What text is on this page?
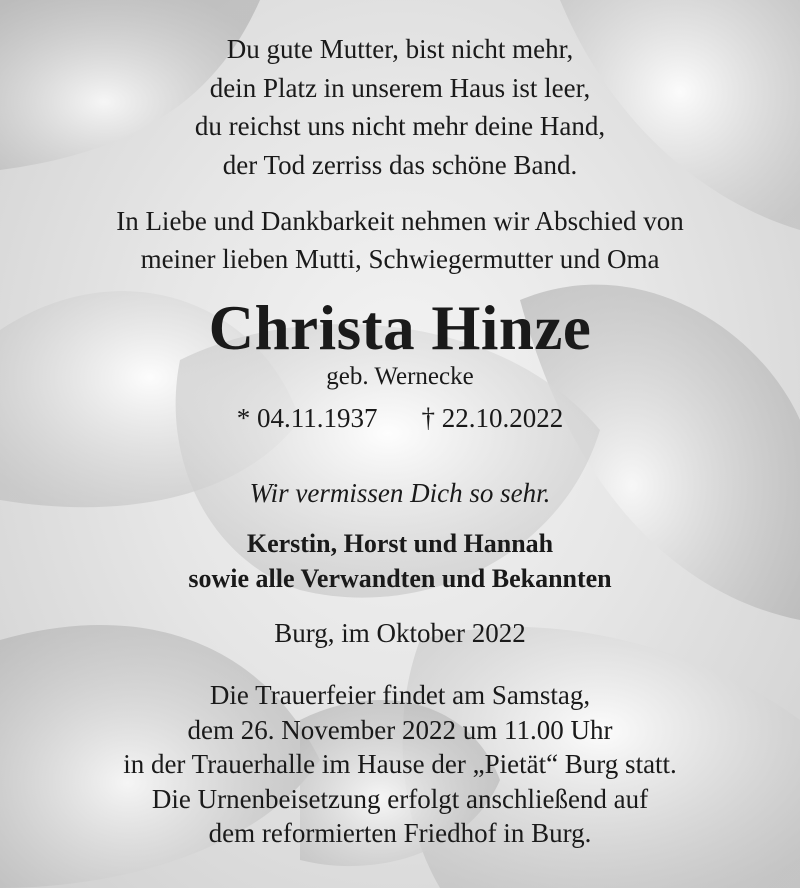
Du gute Mutter, bist nicht mehr,
dein Platz in unserem Haus ist leer,
du reichst uns nicht mehr deine Hand,
der Tod zerriss das schöne Band.
In Liebe und Dankbarkeit nehmen wir Abschied von
meiner lieben Mutti, Schwiegermutter und Oma
Christa Hinze
geb. Wernecke
* 04.11.1937 † 22.10.2022
Wir vermissen Dich so sehr.
Kerstin, Horst und Hannah
sowie alle Verwandten und Bekannten
Burg, im Oktober 2022
Die Trauerfeier findet am Samstag,
dem 26. November 2022 um 11.00 Uhr
in der Trauerhalle im Hause der „Pietät“ Burg statt.
Die Urnenbeisetzung erfolgt anschließend auf
dem reformierten Friedhof in Burg.
